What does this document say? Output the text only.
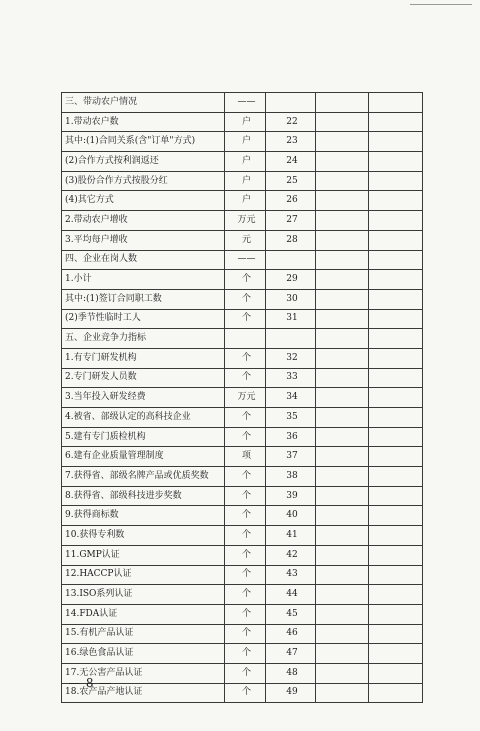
三、带动农户情况	——			
1.带动农户数	户	22		
其中:(1)合同关系(含"订单"方式)	户	23		
(2)合作方式按利润返还	户	24		
(3)股份合作方式按股分红	户	25		
(4)其它方式	户	26		
2.带动农户增收	万元	27		
3.平均每户增收	元	28		
四、企业在岗人数	——			
1.小计	个	29		
其中:(1)签订合同职工数	个	30		
(2)季节性临时工人	个	31		
五、企业竞争力指标				
1.有专门研发机构	个	32		
2.专门研发人员数	个	33		
3.当年投入研发经费	万元	34		
4.被省、部级认定的高科技企业	个	35		
5.建有专门质检机构	个	36		
6.建有企业质量管理制度	项	37		
7.获得省、部级名牌产品或优质奖数	个	38		
8.获得省、部级科技进步奖数	个	39		
9.获得商标数	个	40		
10.获得专利数	个	41		
11.GMP认证	个	42		
12.HACCP认证	个	43		
13.ISO系列认证	个	44		
14.FDA认证	个	45		
15.有机产品认证	个	46		
16.绿色食品认证	个	47		
17.无公害产品认证	个	48		
18.农产品产地认证	个	49		
— 8 —
